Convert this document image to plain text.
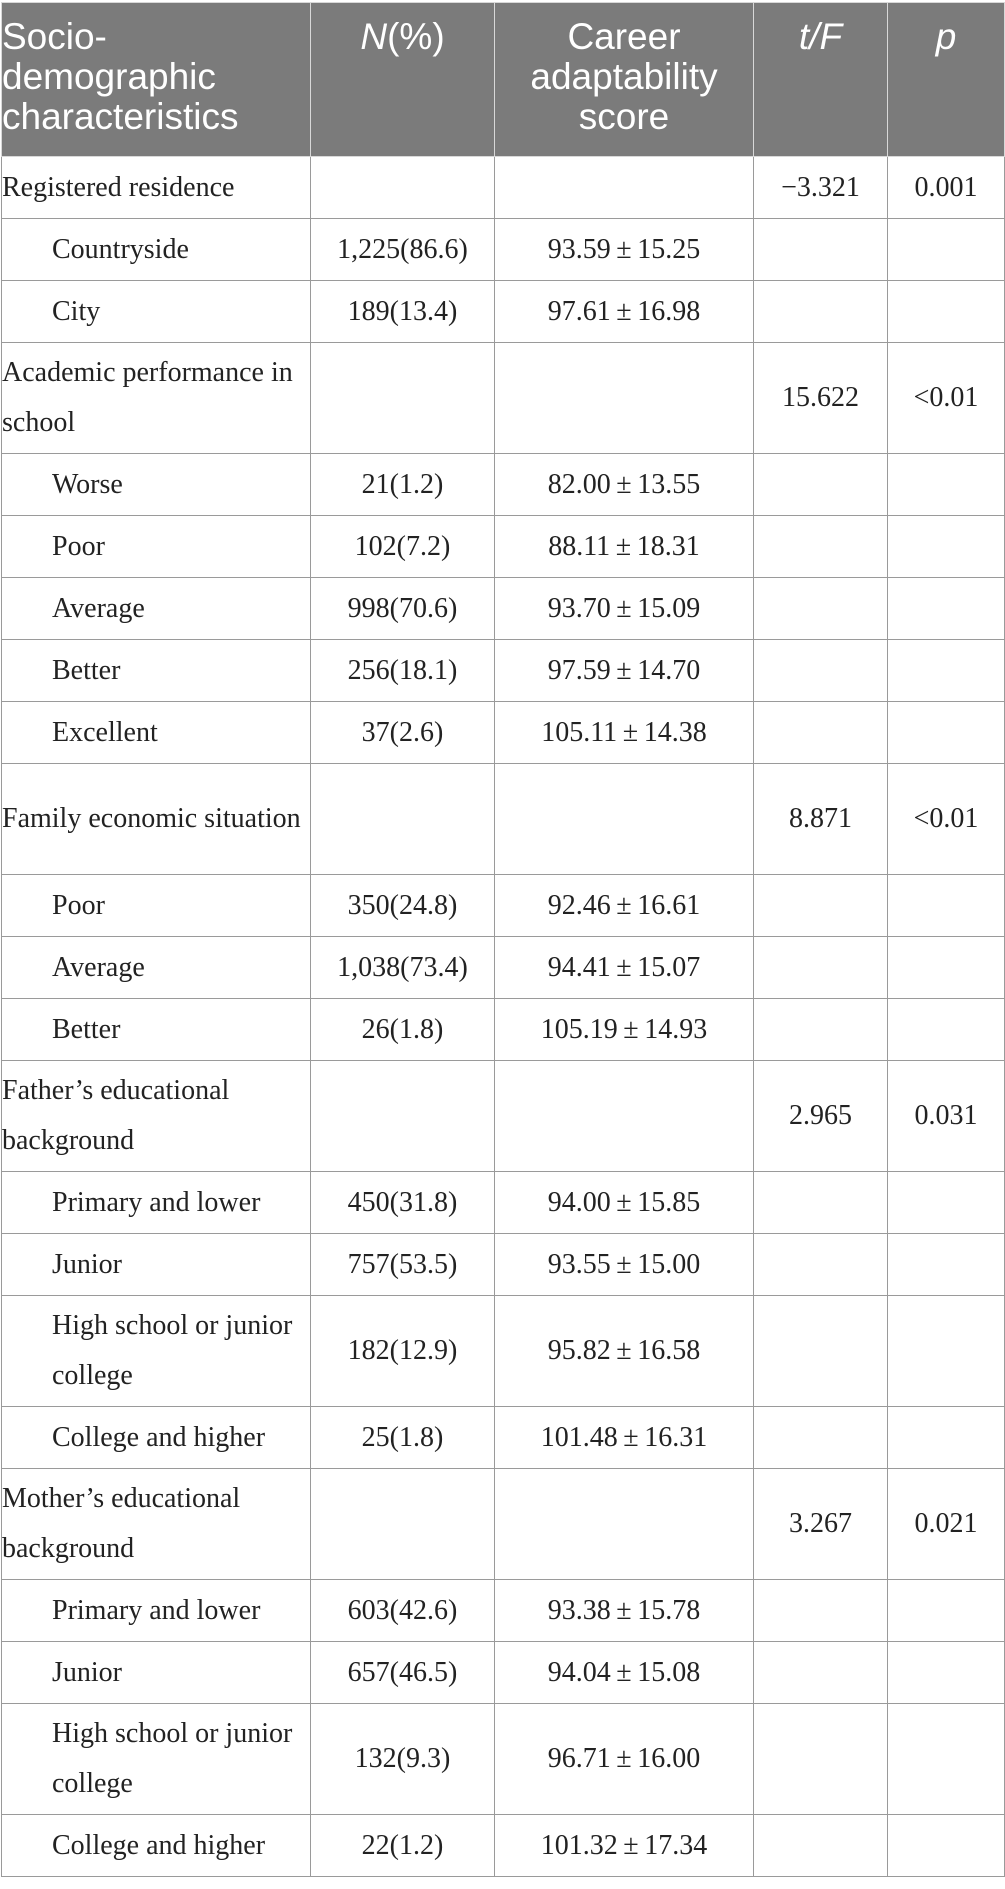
Socio-demographic characteristics	N(%)	Career adaptability score	t/F	p
Registered residence			−3.321	0.001
Countryside	1,225(86.6)	93.59 ± 15.25		
City	189(13.4)	97.61 ± 16.98		
Academic performance in school			15.622	<0.01
Worse	21(1.2)	82.00 ± 13.55		
Poor	102(7.2)	88.11 ± 18.31		
Average	998(70.6)	93.70 ± 15.09		
Better	256(18.1)	97.59 ± 14.70		
Excellent	37(2.6)	105.11 ± 14.38		
Family economic situation			8.871	<0.01
Poor	350(24.8)	92.46 ± 16.61		
Average	1,038(73.4)	94.41 ± 15.07		
Better	26(1.8)	105.19 ± 14.93		
Father’s educational background			2.965	0.031
Primary and lower	450(31.8)	94.00 ± 15.85		
Junior	757(53.5)	93.55 ± 15.00		
High school or junior college	182(12.9)	95.82 ± 16.58		
College and higher	25(1.8)	101.48 ± 16.31		
Mother’s educational background			3.267	0.021
Primary and lower	603(42.6)	93.38 ± 15.78		
Junior	657(46.5)	94.04 ± 15.08		
High school or junior college	132(9.3)	96.71 ± 16.00		
College and higher	22(1.2)	101.32 ± 17.34		
